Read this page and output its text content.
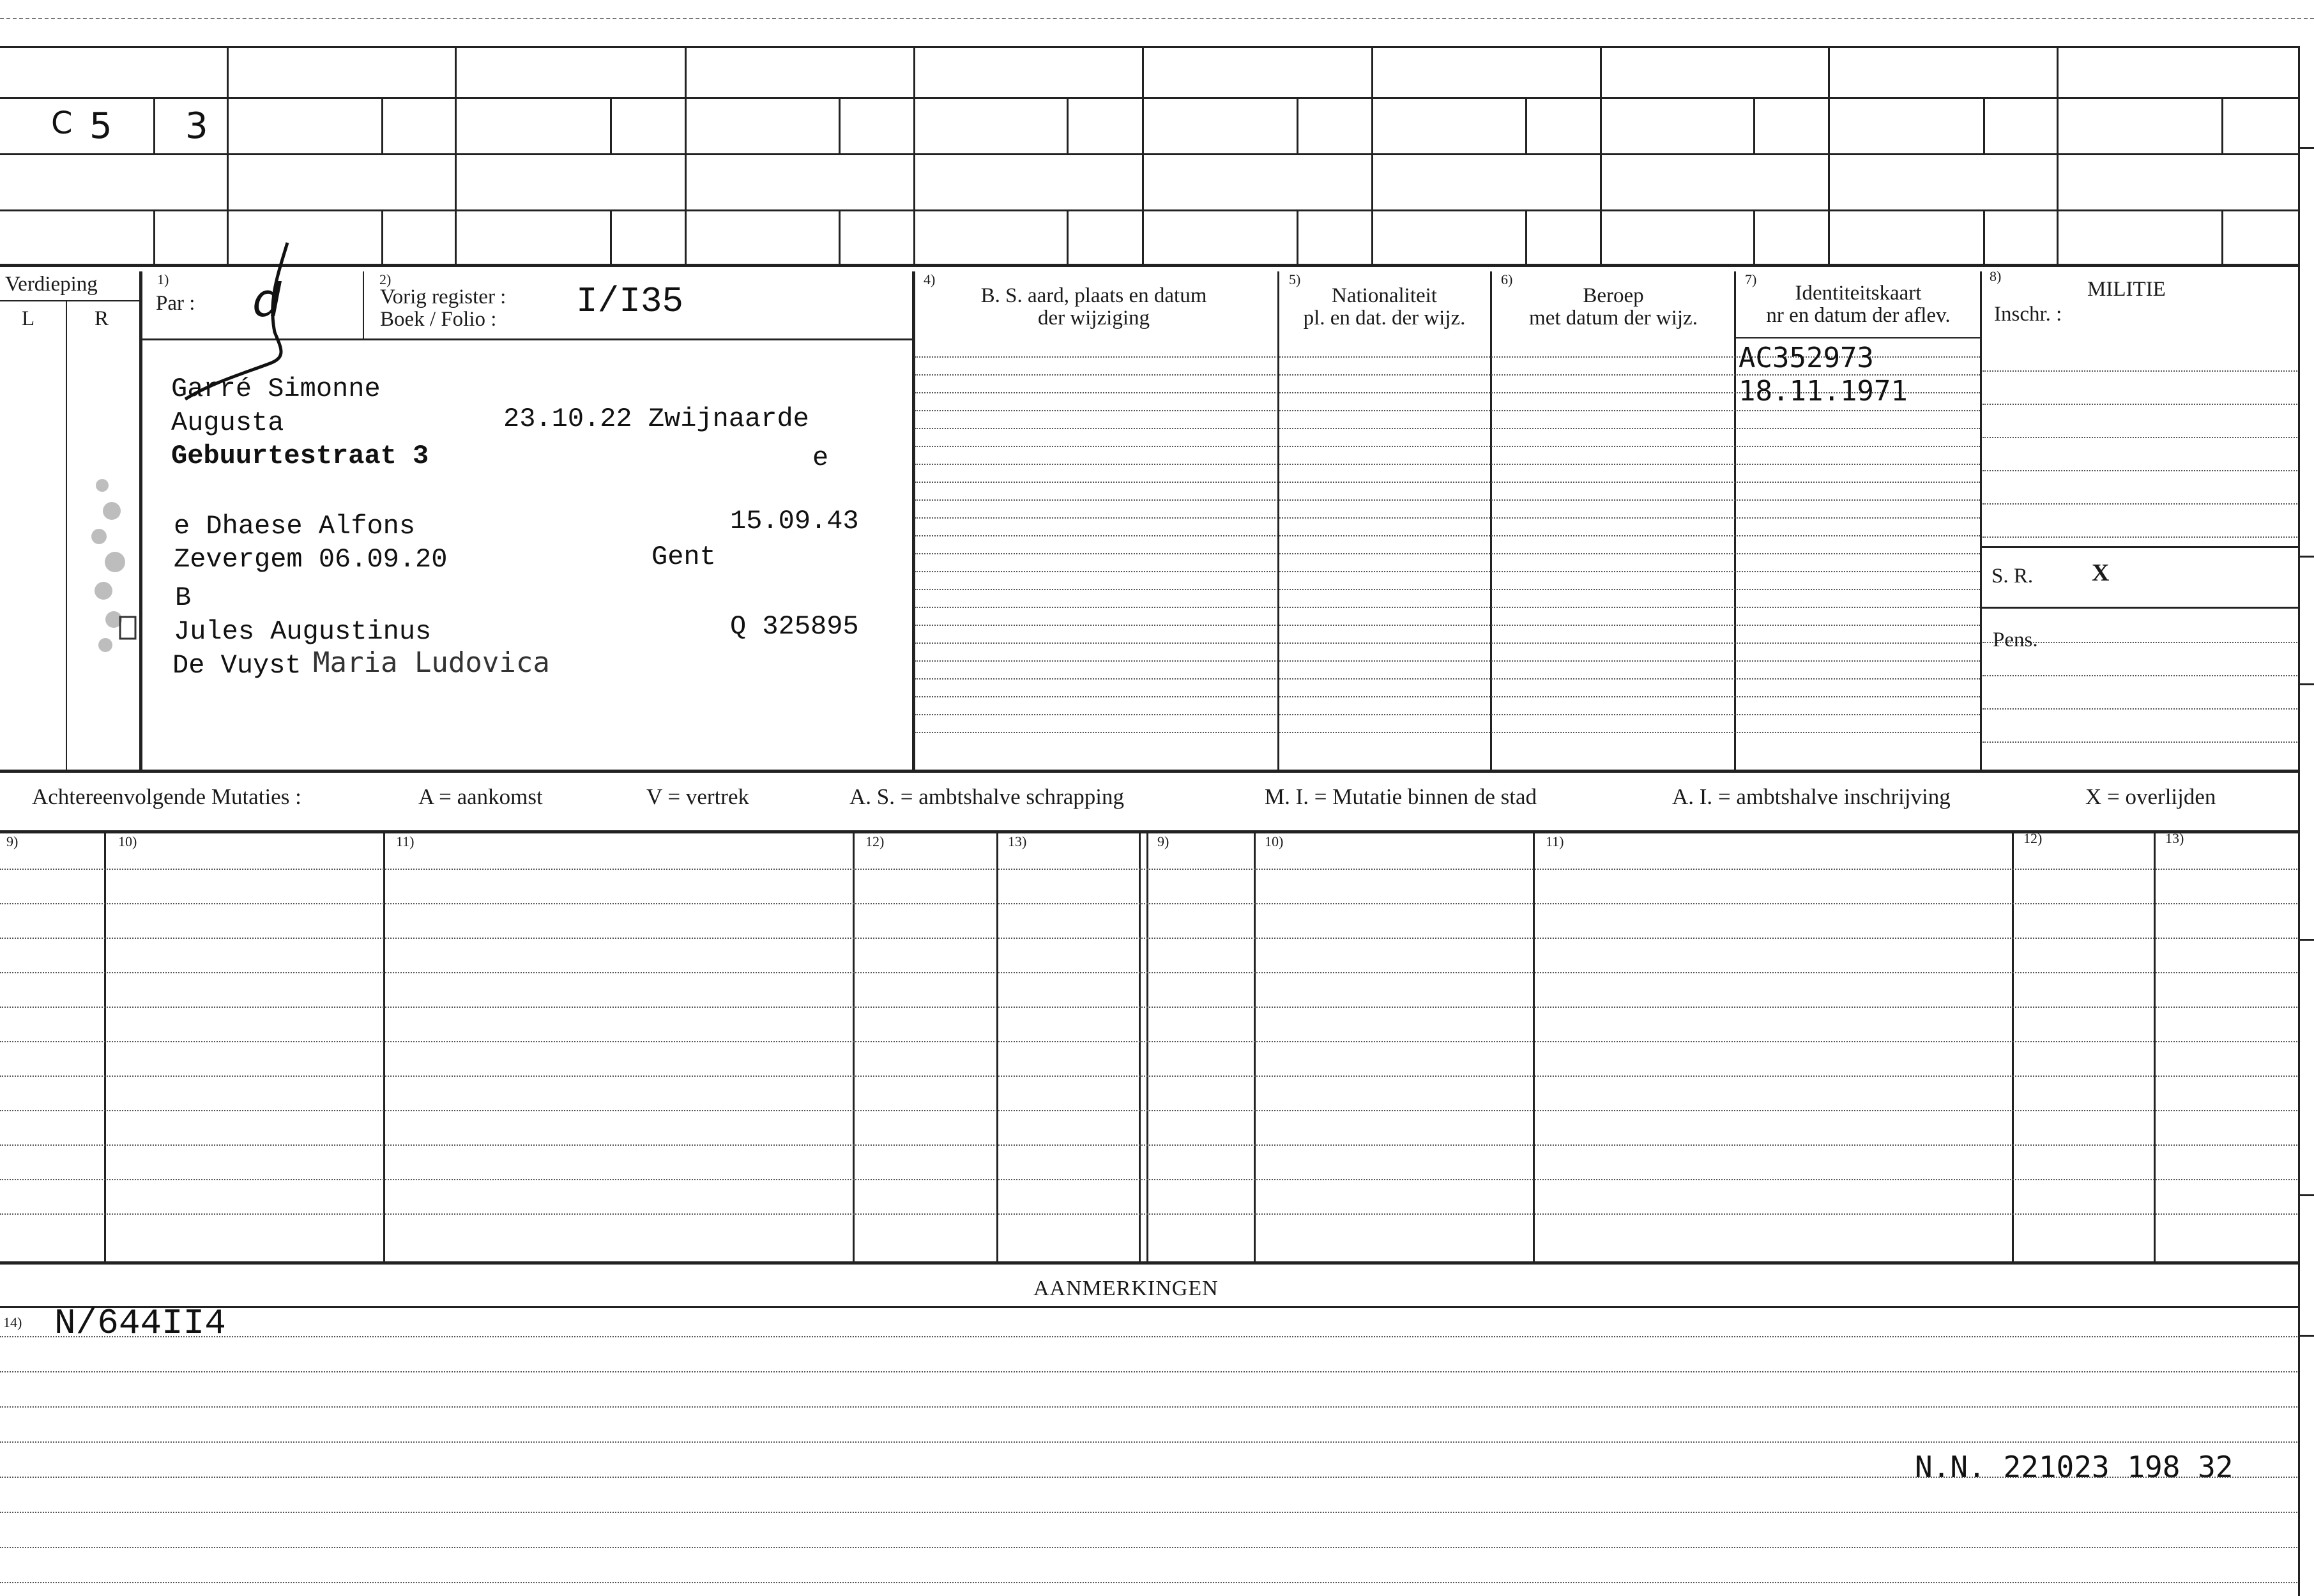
C 5 3
Verdieping
L	R
1)
Par : d	2)
Vorig register :
Boek / Folio : I/I35
4)
B. S. aard, plaats en datum
der wijziging
5)
Nationaliteit
pl. en dat. der wijz.
6)
Beroep
met datum der wijz.
7)
Identiteitskaart
nr en datum der aflev.
8)
MILITIE
Inschr. :
Garré Simonne
Augusta	23.10.22 Zwijnaarde
Gebuurtestraat 3	e
e Dhaese Alfons	15.09.43
Zevergem 06.09.20	Gent
B
Jules Augustinus	Q 325895
De Vuyst Maria Ludovica
AC352973
18.11.1971
S. R. X
Pens.
Achtereenvolgende Mutaties :	A = aankomst	V = vertrek	A. S. = ambtshalve schrapping	M. I. = Mutatie binnen de stad	A. I. = ambtshalve inschrijving	X = overlijden
9)	10)	11)	12)	13)	9)	10)	11)	12)	13)
AANMERKINGEN
14) N/644II4
N.N. 221023 198 32
